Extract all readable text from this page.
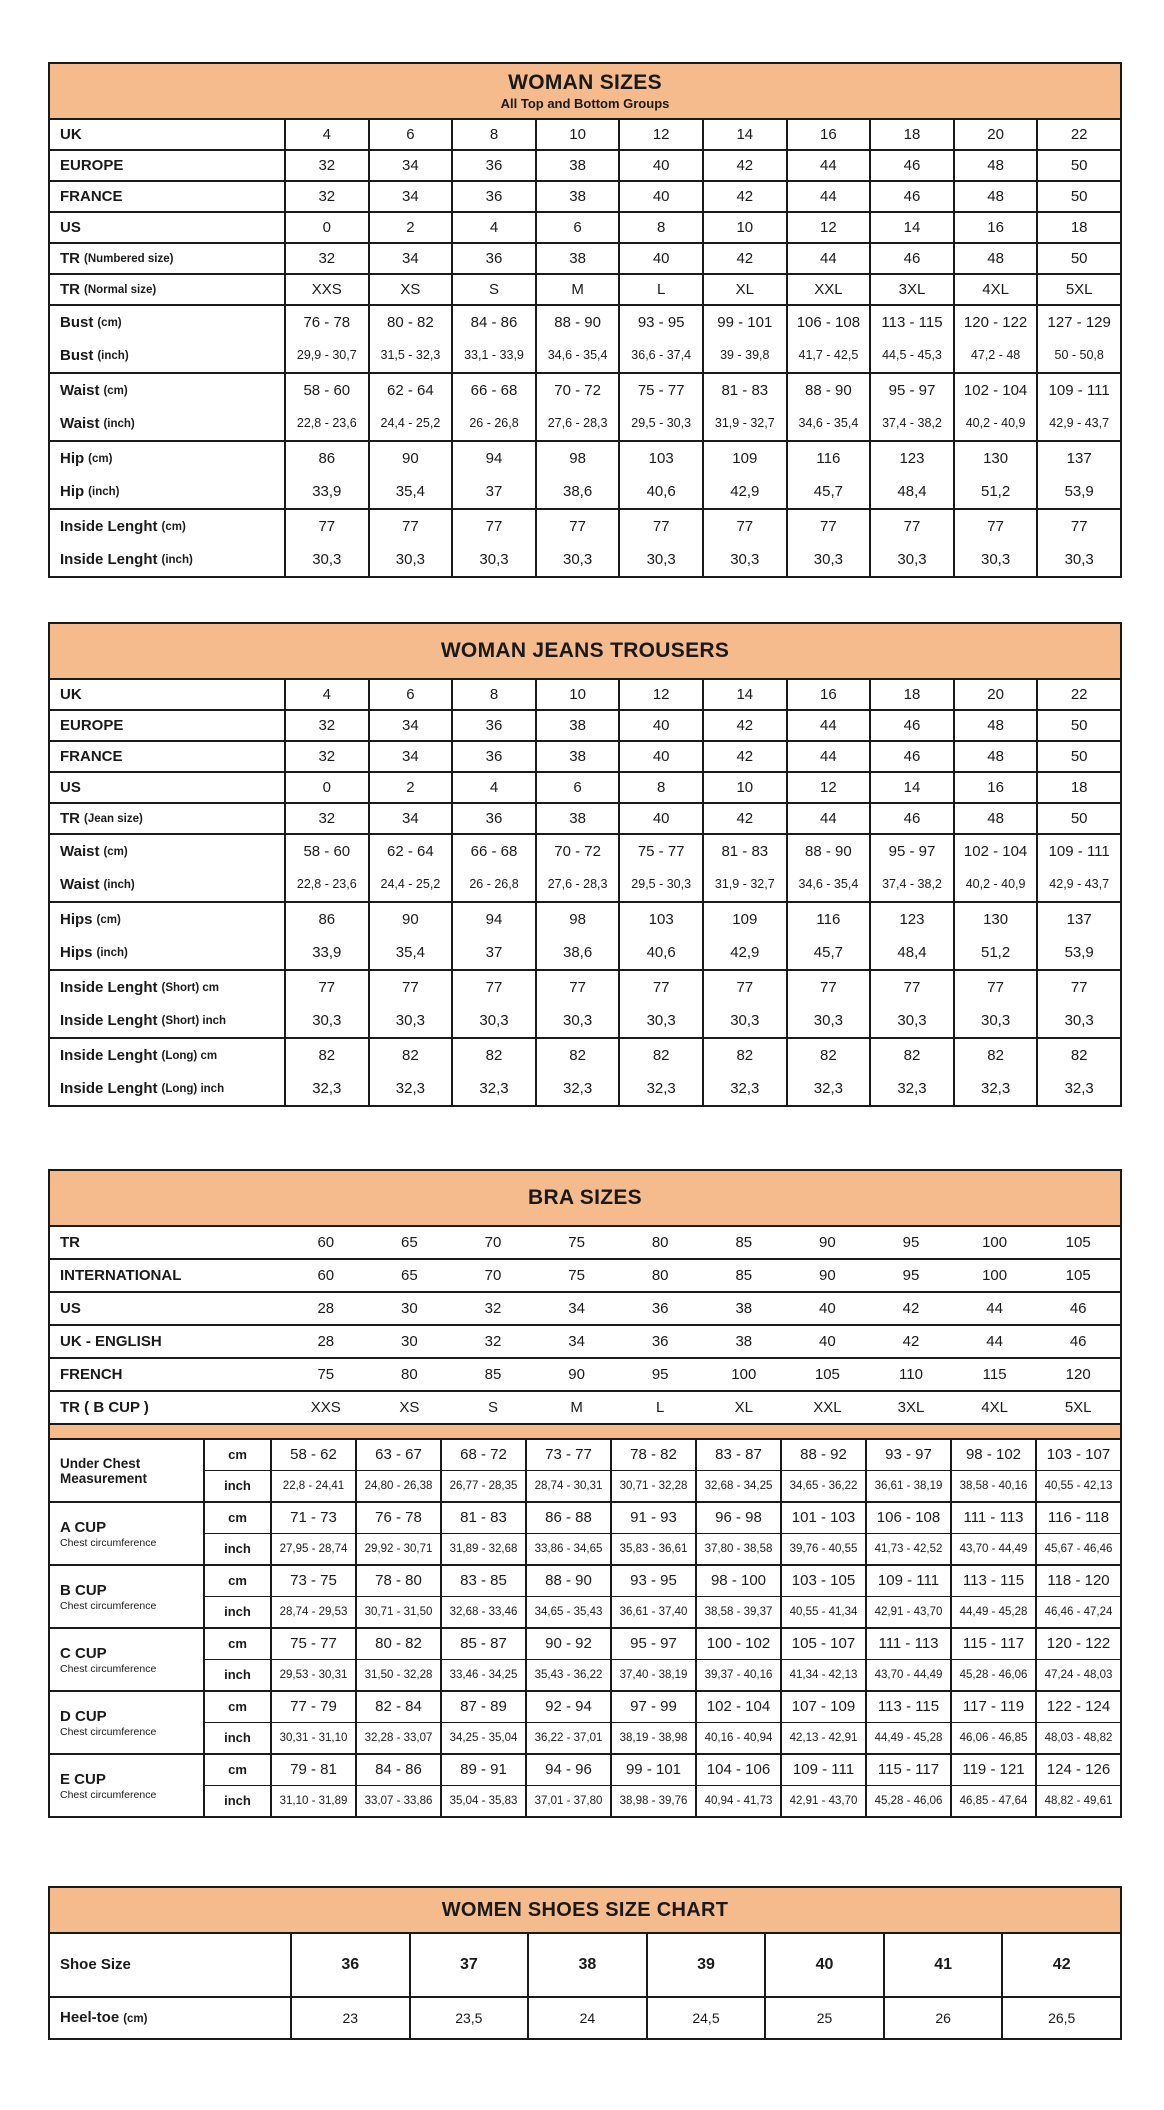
WOMAN SIZES
All Top and Bottom Groups
UK	4	6	8	10	12	14	16	18	20	22
EUROPE	32	34	36	38	40	42	44	46	48	50
FRANCE	32	34	36	38	40	42	44	46	48	50
US	0	2	4	6	8	10	12	14	16	18
TR (Numbered size)	32	34	36	38	40	42	44	46	48	50
TR (Normal size)	XXS	XS	S	M	L	XL	XXL	3XL	4XL	5XL
Bust (cm)	76 - 78	80 - 82	84 - 86	88 - 90	93 - 95	99 - 101	106 - 108	113 - 115	120 - 122	127 - 129
Bust (inch)	29,9 - 30,7	31,5 - 32,3	33,1 - 33,9	34,6 - 35,4	36,6 - 37,4	39 - 39,8	41,7 - 42,5	44,5 - 45,3	47,2 - 48	50 - 50,8
Waist (cm)	58 - 60	62 - 64	66 - 68	70 - 72	75 - 77	81 - 83	88 - 90	95 - 97	102 - 104	109 - 111
Waist (inch)	22,8 - 23,6	24,4 - 25,2	26 - 26,8	27,6 - 28,3	29,5 - 30,3	31,9 - 32,7	34,6 - 35,4	37,4 - 38,2	40,2 - 40,9	42,9 - 43,7
Hip (cm)	86	90	94	98	103	109	116	123	130	137
Hip (inch)	33,9	35,4	37	38,6	40,6	42,9	45,7	48,4	51,2	53,9
Inside Lenght (cm)	77	77	77	77	77	77	77	77	77	77
Inside Lenght (inch)	30,3	30,3	30,3	30,3	30,3	30,3	30,3	30,3	30,3	30,3
WOMAN JEANS TROUSERS
UK	4	6	8	10	12	14	16	18	20	22
EUROPE	32	34	36	38	40	42	44	46	48	50
FRANCE	32	34	36	38	40	42	44	46	48	50
US	0	2	4	6	8	10	12	14	16	18
TR (Jean size)	32	34	36	38	40	42	44	46	48	50
Waist (cm)	58 - 60	62 - 64	66 - 68	70 - 72	75 - 77	81 - 83	88 - 90	95 - 97	102 - 104	109 - 111
Waist (inch)	22,8 - 23,6	24,4 - 25,2	26 - 26,8	27,6 - 28,3	29,5 - 30,3	31,9 - 32,7	34,6 - 35,4	37,4 - 38,2	40,2 - 40,9	42,9 - 43,7
Hips (cm)	86	90	94	98	103	109	116	123	130	137
Hips (inch)	33,9	35,4	37	38,6	40,6	42,9	45,7	48,4	51,2	53,9
Inside Lenght (Short) cm	77	77	77	77	77	77	77	77	77	77
Inside Lenght (Short) inch	30,3	30,3	30,3	30,3	30,3	30,3	30,3	30,3	30,3	30,3
Inside Lenght (Long) cm	82	82	82	82	82	82	82	82	82	82
Inside Lenght (Long) inch	32,3	32,3	32,3	32,3	32,3	32,3	32,3	32,3	32,3	32,3
BRA SIZES
TR	60	65	70	75	80	85	90	95	100	105
INTERNATIONAL	60	65	70	75	80	85	90	95	100	105
US	28	30	32	34	36	38	40	42	44	46
UK - ENGLISH	28	30	32	34	36	38	40	42	44	46
FRENCH	75	80	85	90	95	100	105	110	115	120
TR ( B CUP )	XXS	XS	S	M	L	XL	XXL	3XL	4XL	5XL
Under Chest
Measurement
cm	58 - 62	63 - 67	68 - 72	73 - 77	78 - 82	83 - 87	88 - 92	93 - 97	98 - 102	103 - 107
inch	22,8 - 24,41	24,80 - 26,38	26,77 - 28,35	28,74 - 30,31	30,71 - 32,28	32,68 - 34,25	34,65 - 36,22	36,61 - 38,19	38,58 - 40,16	40,55 - 42,13
A CUP
Chest circumference
cm	71 - 73	76 - 78	81 - 83	86 - 88	91 - 93	96 - 98	101 - 103	106 - 108	111 - 113	116 - 118
inch	27,95 - 28,74	29,92 - 30,71	31,89 - 32,68	33,86 - 34,65	35,83 - 36,61	37,80 - 38,58	39,76 - 40,55	41,73 - 42,52	43,70 - 44,49	45,67 - 46,46
B CUP
Chest circumference
cm	73 - 75	78 - 80	83 - 85	88 - 90	93 - 95	98 - 100	103 - 105	109 - 111	113 - 115	118 - 120
inch	28,74 - 29,53	30,71 - 31,50	32,68 - 33,46	34,65 - 35,43	36,61 - 37,40	38,58 - 39,37	40,55 - 41,34	42,91 - 43,70	44,49 - 45,28	46,46 - 47,24
C CUP
Chest circumference
cm	75 - 77	80 - 82	85 - 87	90 - 92	95 - 97	100 - 102	105 - 107	111 - 113	115 - 117	120 - 122
inch	29,53 - 30,31	31,50 - 32,28	33,46 - 34,25	35,43 - 36,22	37,40 - 38,19	39,37 - 40,16	41,34 - 42,13	43,70 - 44,49	45,28 - 46,06	47,24 - 48,03
D CUP
Chest circumference
cm	77 - 79	82 - 84	87 - 89	92 - 94	97 - 99	102 - 104	107 - 109	113 - 115	117 - 119	122 - 124
inch	30,31 - 31,10	32,28 - 33,07	34,25 - 35,04	36,22 - 37,01	38,19 - 38,98	40,16 - 40,94	42,13 - 42,91	44,49 - 45,28	46,06 - 46,85	48,03 - 48,82
E CUP
Chest circumference
cm	79 - 81	84 - 86	89 - 91	94 - 96	99 - 101	104 - 106	109 - 111	115 - 117	119 - 121	124 - 126
inch	31,10 - 31,89	33,07 - 33,86	35,04 - 35,83	37,01 - 37,80	38,98 - 39,76	40,94 - 41,73	42,91 - 43,70	45,28 - 46,06	46,85 - 47,64	48,82 - 49,61
WOMEN SHOES SIZE CHART
Shoe Size	36	37	38	39	40	41	42
Heel-toe (cm)	23	23,5	24	24,5	25	26	26,5
